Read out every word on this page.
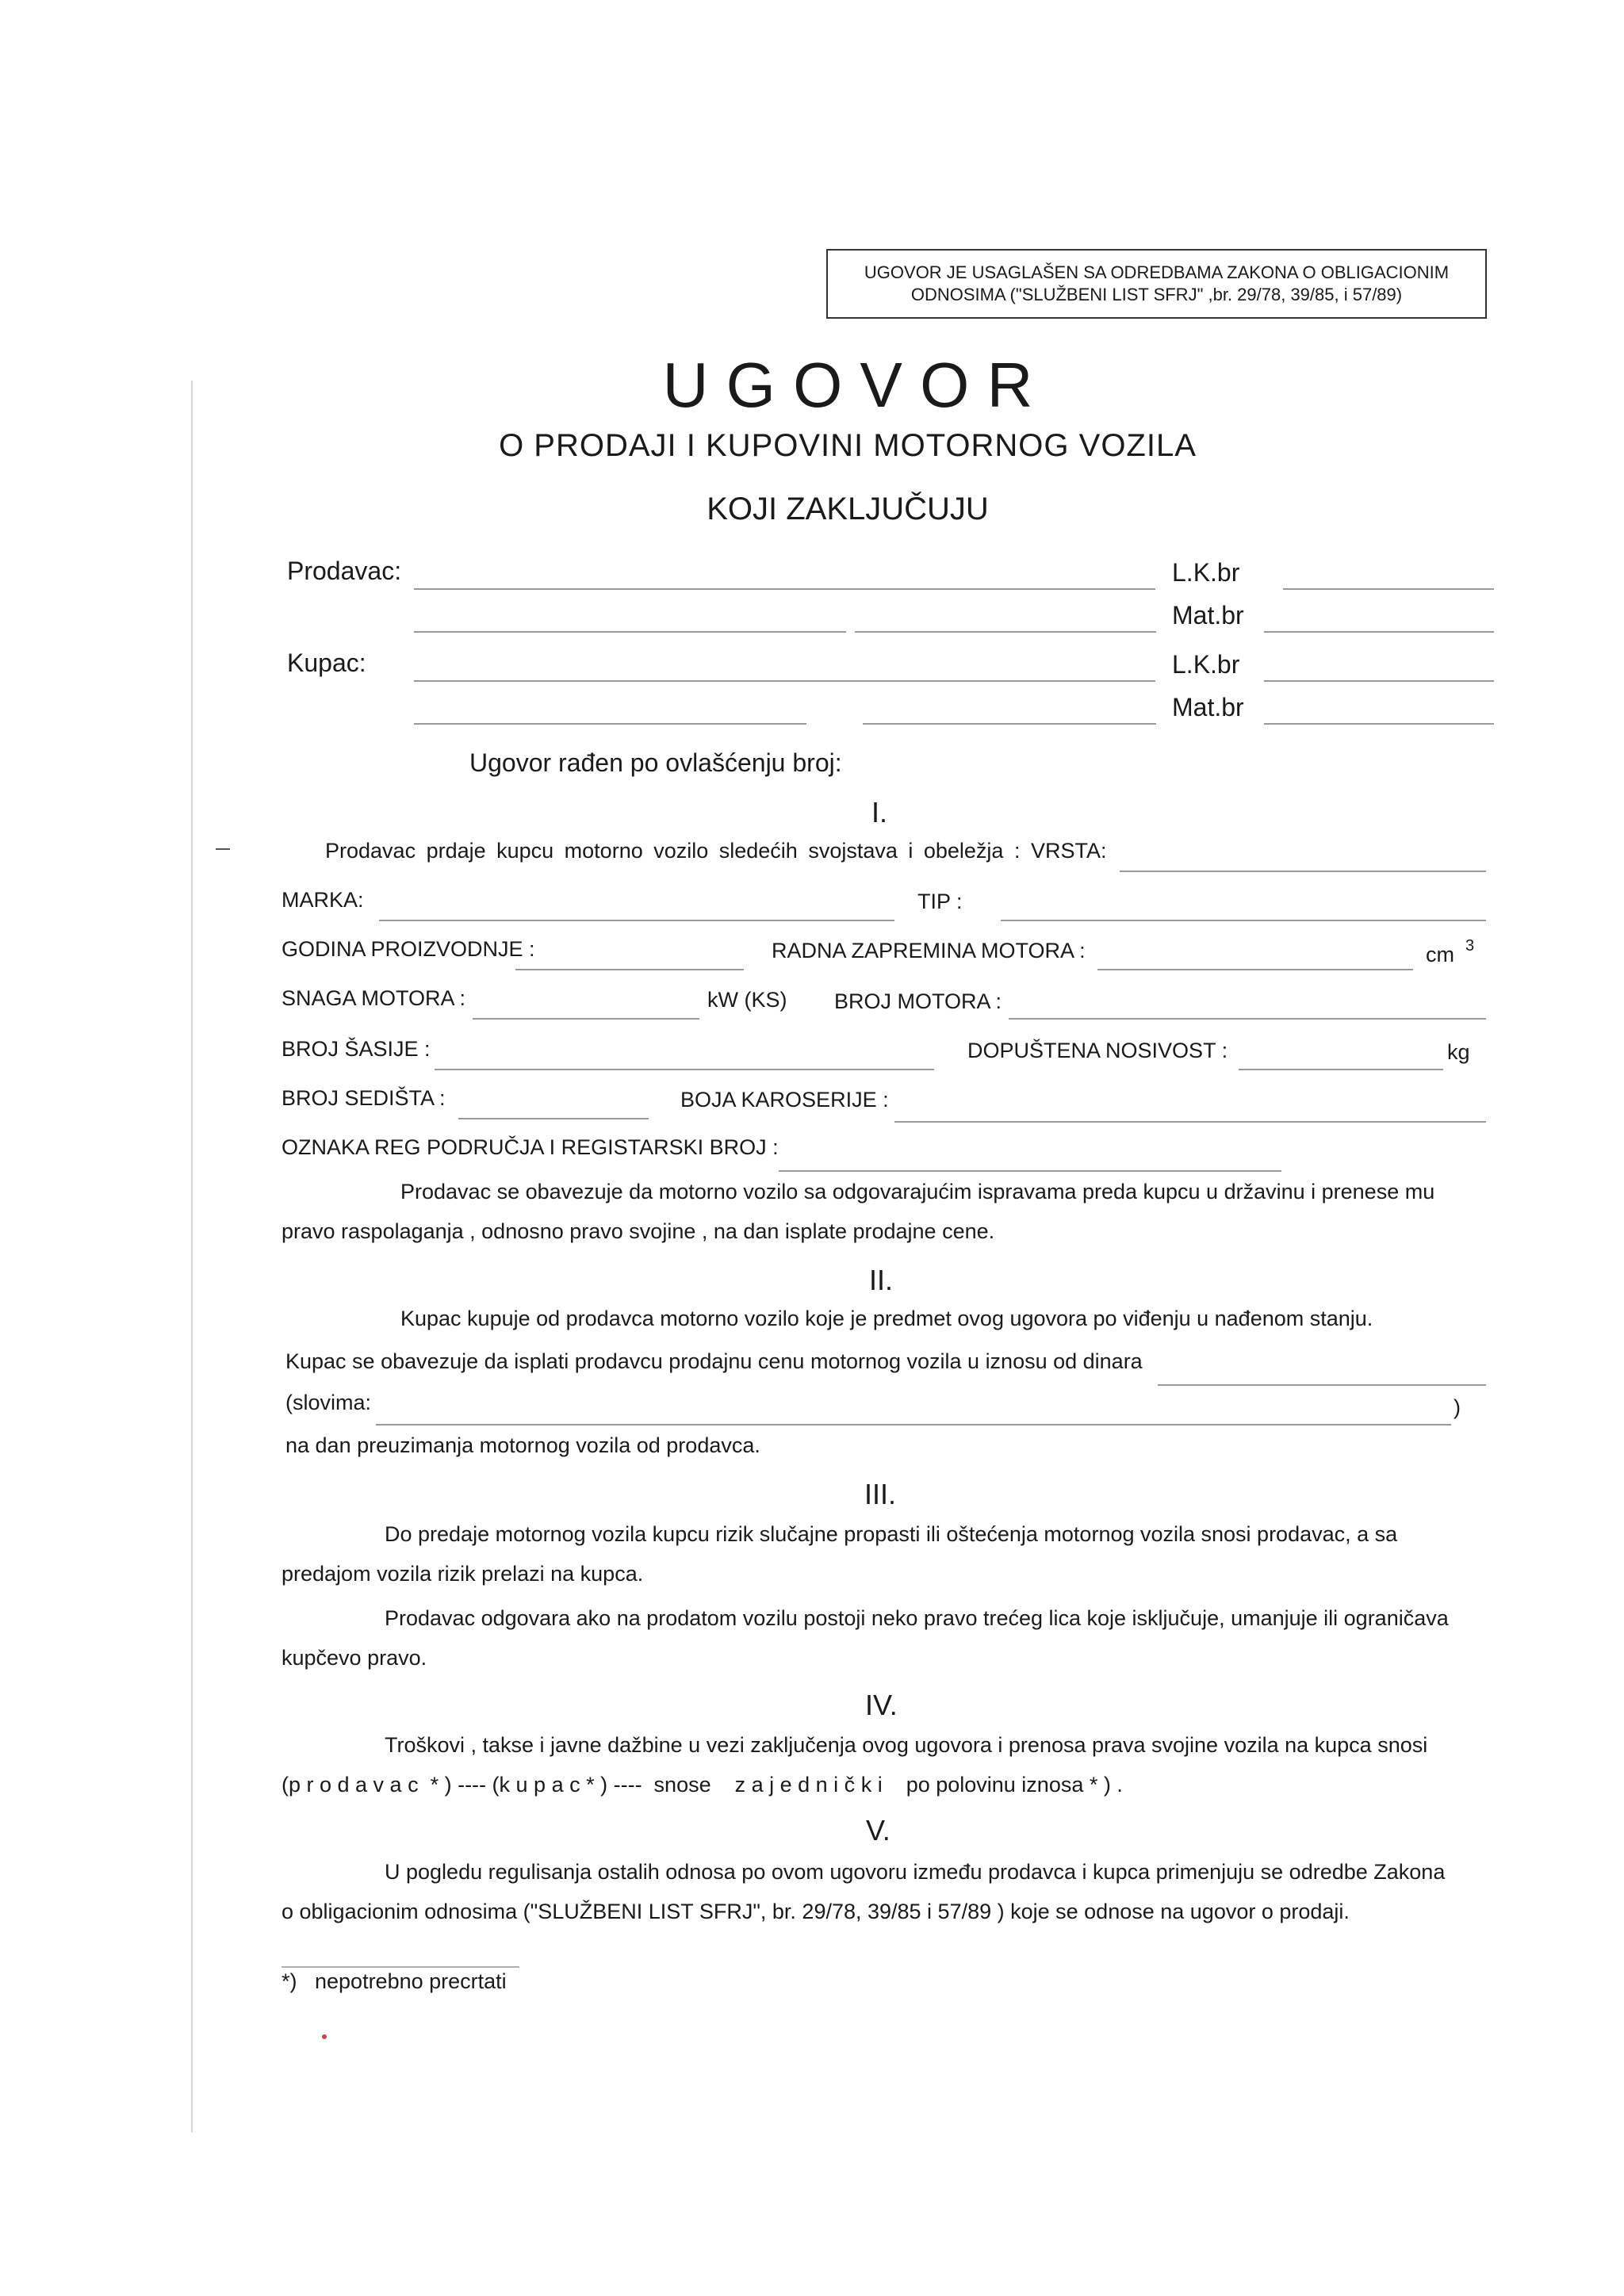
UGOVOR JE USAGLAŠEN SA ODREDBAMA ZAKONA O OBLIGACIONIM
ODNOSIMA ("SLUŽBENI LIST SFRJ" ,br. 29/78, 39/85, i 57/89)
U G O V O R
O PRODAJI I KUPOVINI MOTORNOG VOZILA
KOJI ZAKLJUČUJU
Prodavac:	L.K.br
Mat.br
Kupac:	L.K.br
Mat.br
Ugovor rađen po ovlašćenju broj:
I.
Prodavac prdaje kupcu motorno vozilo sledećih svojstava i obeležja : VRSTA:
MARKA:	TIP :
GODINA PROIZVODNJE :	RADNA ZAPREMINA MOTORA :	cm $^3$
SNAGA MOTORA :	kW (KS) BROJ MOTORA :
BROJ ŠASIJE :	DOPUŠTENA NOSIVOST :	kg
BROJ SEDIŠTA :	BOJA KAROSERIJE :
OZNAKA REG PODRUČJA I REGISTARSKI BROJ :
Prodavac se obavezuje da motorno vozilo sa odgovarajućim ispravama preda kupcu u državinu i prenese mu
pravo raspolaganja , odnosno pravo svojine , na dan isplate prodajne cene.
II.
Kupac kupuje od prodavca motorno vozilo koje je predmet ovog ugovora po viđenju u nađenom stanju.
Kupac se obavezuje da isplati prodavcu prodajnu cenu motornog vozila u iznosu od dinara
(slovima:	)
na dan preuzimanja motornog vozila od prodavca.
III.
Do predaje motornog vozila kupcu rizik slučajne propasti ili oštećenja motornog vozila snosi prodavac, a sa
predajom vozila rizik prelazi na kupca.
Prodavac odgovara ako na prodatom vozilu postoji neko pravo trećeg lica koje isključuje, umanjuje ili ograničava
kupčevo pravo.
IV.
Troškovi , takse i javne dažbine u vezi zaključenja ovog ugovora i prenosa prava svojine vozila na kupca snosi
(p r o d a v a c  * ) ---- (k u p a c * ) ----  snose    z a j e d n i č k i    po polovinu iznosa * ) .
V.
U pogledu regulisanja ostalih odnosa po ovom ugovoru između prodavca i kupca primenjuju se odredbe Zakona
o obligacionim odnosima ("SLUŽBENI LIST SFRJ", br. 29/78, 39/85 i 57/89 ) koje se odnose na ugovor o prodaji.
*)   nepotrebno precrtati
